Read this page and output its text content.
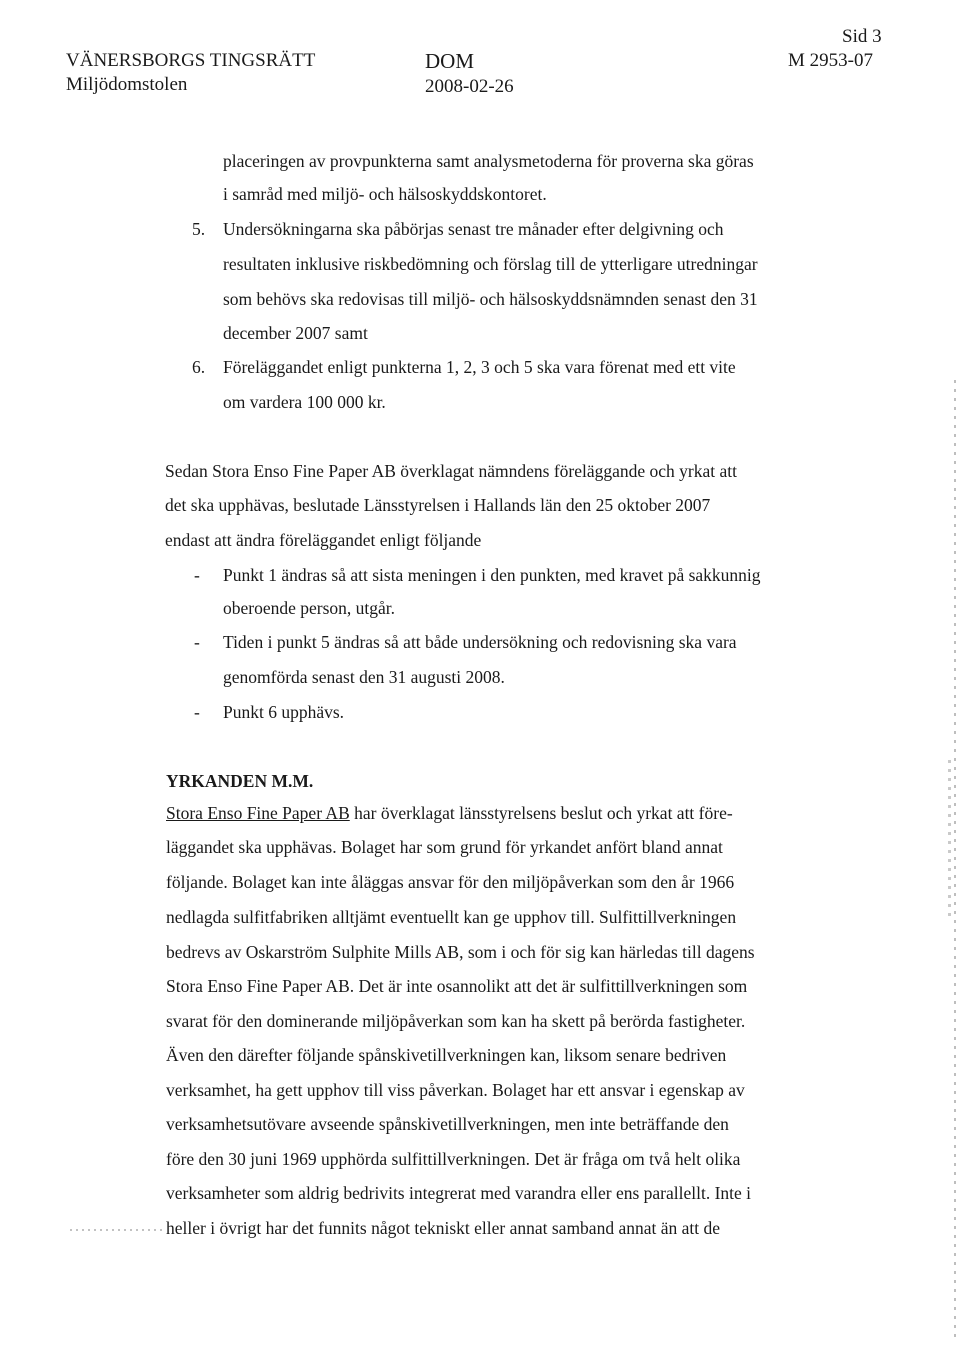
VÄNERSBORGS TINGSRÄTT
Miljödomstolen
DOM
2008-02-26
Sid 3
M 2953-07
placeringen av provpunkterna samt analysmetoderna för proverna ska göras
i samråd med miljö- och hälsoskyddskontoret.
5. Undersökningarna ska påbörjas senast tre månader efter delgivning och
resultaten inklusive riskbedömning och förslag till de ytterligare utredningar
som behövs ska redovisas till miljö- och hälsoskyddsnämnden senast den 31
december 2007 samt
6. Föreläggandet enligt punkterna 1, 2, 3 och 5 ska vara förenat med ett vite
om vardera 100 000 kr.
Sedan Stora Enso Fine Paper AB överklagat nämndens föreläggande och yrkat att
det ska upphävas, beslutade Länsstyrelsen i Hallands län den 25 oktober 2007
endast att ändra föreläggandet enligt följande
- Punkt 1 ändras så att sista meningen i den punkten, med kravet på sakkunnig
oberoende person, utgår.
- Tiden i punkt 5 ändras så att både undersökning och redovisning ska vara
genomförda senast den 31 augusti 2008.
- Punkt 6 upphävs.
YRKANDEN M.M.
Stora Enso Fine Paper AB har överklagat länsstyrelsens beslut och yrkat att före-
läggandet ska upphävas. Bolaget har som grund för yrkandet anfört bland annat
följande. Bolaget kan inte åläggas ansvar för den miljöpåverkan som den år 1966
nedlagda sulfitfabriken alltjämt eventuellt kan ge upphov till. Sulfittillverkningen
bedrevs av Oskarström Sulphite Mills AB, som i och för sig kan härledas till dagens
Stora Enso Fine Paper AB. Det är inte osannolikt att det är sulfittillverkningen som
svarat för den dominerande miljöpåverkan som kan ha skett på berörda fastigheter.
Även den därefter följande spånskivetillverkningen kan, liksom senare bedriven
verksamhet, ha gett upphov till viss påverkan. Bolaget har ett ansvar i egenskap av
verksamhetsutövare avseende spånskivetillverkningen, men inte beträffande den
före den 30 juni 1969 upphörda sulfittillverkningen. Det är fråga om två helt olika
verksamheter som aldrig bedrivits integrerat med varandra eller ens parallellt. Inte i
heller i övrigt har det funnits något tekniskt eller annat samband annat än att de
